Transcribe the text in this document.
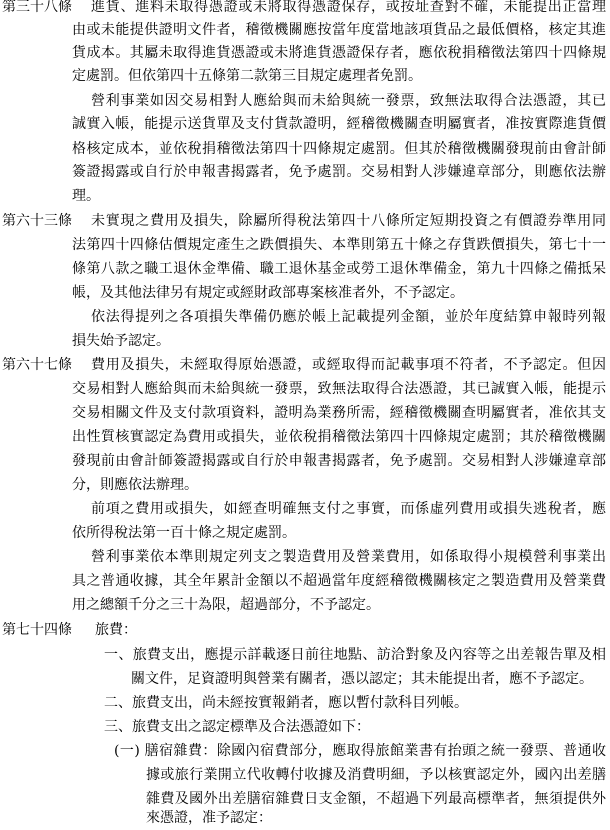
第三十八條 進貨、進料未取得憑證或未將取得憑證保存，或按址查對不確，未能提出正當理
由或未能提供證明文件者，稽徵機關應按當年度當地該項貨品之最低價格，核定其進
貨成本。其屬未取得進貨憑證或未將進貨憑證保存者，應依稅捐稽徵法第四十四條規
定處罰。但依第四十五條第二款第三目規定處理者免罰。
營利事業如因交易相對人應給與而未給與統一發票，致無法取得合法憑證，其已
誠實入帳，能提示送貨單及支付貨款證明，經稽徵機關查明屬實者，准按實際進貨價
格核定成本，並依稅捐稽徵法第四十四條規定處罰。但其於稽徵機關發現前由會計師
簽證揭露或自行於申報書揭露者，免予處罰。交易相對人涉嫌違章部分，則應依法辦
理。
第六十三條 未實現之費用及損失，除屬所得稅法第四十八條所定短期投資之有價證券準用同
法第四十四條估價規定產生之跌價損失、本準則第五十條之存貨跌價損失，第七十一
條第八款之職工退休金準備、職工退休基金或勞工退休準備金，第九十四條之備抵呆
帳，及其他法律另有規定或經財政部專案核准者外，不予認定。
依法得提列之各項損失準備仍應於帳上記載提列金額，並於年度結算申報時列報
損失始予認定。
第六十七條 費用及損失，未經取得原始憑證，或經取得而記載事項不符者，不予認定。但因
交易相對人應給與而未給與統一發票，致無法取得合法憑證，其已誠實入帳，能提示
交易相關文件及支付款項資料，證明為業務所需，經稽徵機關查明屬實者，准依其支
出性質核實認定為費用或損失，並依稅捐稽徵法第四十四條規定處罰；其於稽徵機關
發現前由會計師簽證揭露或自行於申報書揭露者，免予處罰。交易相對人涉嫌違章部
分，則應依法辦理。
前項之費用或損失，如經查明確無支付之事實，而係虛列費用或損失逃稅者，應
依所得稅法第一百十條之規定處罰。
營利事業依本準則規定列支之製造費用及營業費用，如係取得小規模營利事業出
具之普通收據，其全年累計金額以不超過當年度經稽徵機關核定之製造費用及營業費
用之總額千分之三十為限，超過部分，不予認定。
第七十四條 旅費：
一、旅費支出，應提示詳載逐日前往地點、訪洽對象及內容等之出差報告單及相
關文件，足資證明與營業有關者，憑以認定；其未能提出者，應不予認定。
二、旅費支出，尚未經按實報銷者，應以暫付款科目列帳。
三、旅費支出之認定標準及合法憑證如下：
(一) 膳宿雜費：除國內宿費部分，應取得旅館業書有抬頭之統一發票、普通收
據或旅行業開立代收轉付收據及消費明細，予以核實認定外，國內出差膳
雜費及國外出差膳宿雜費日支金額，不超過下列最高標準者，無須提供外
來憑證，准予認定：
